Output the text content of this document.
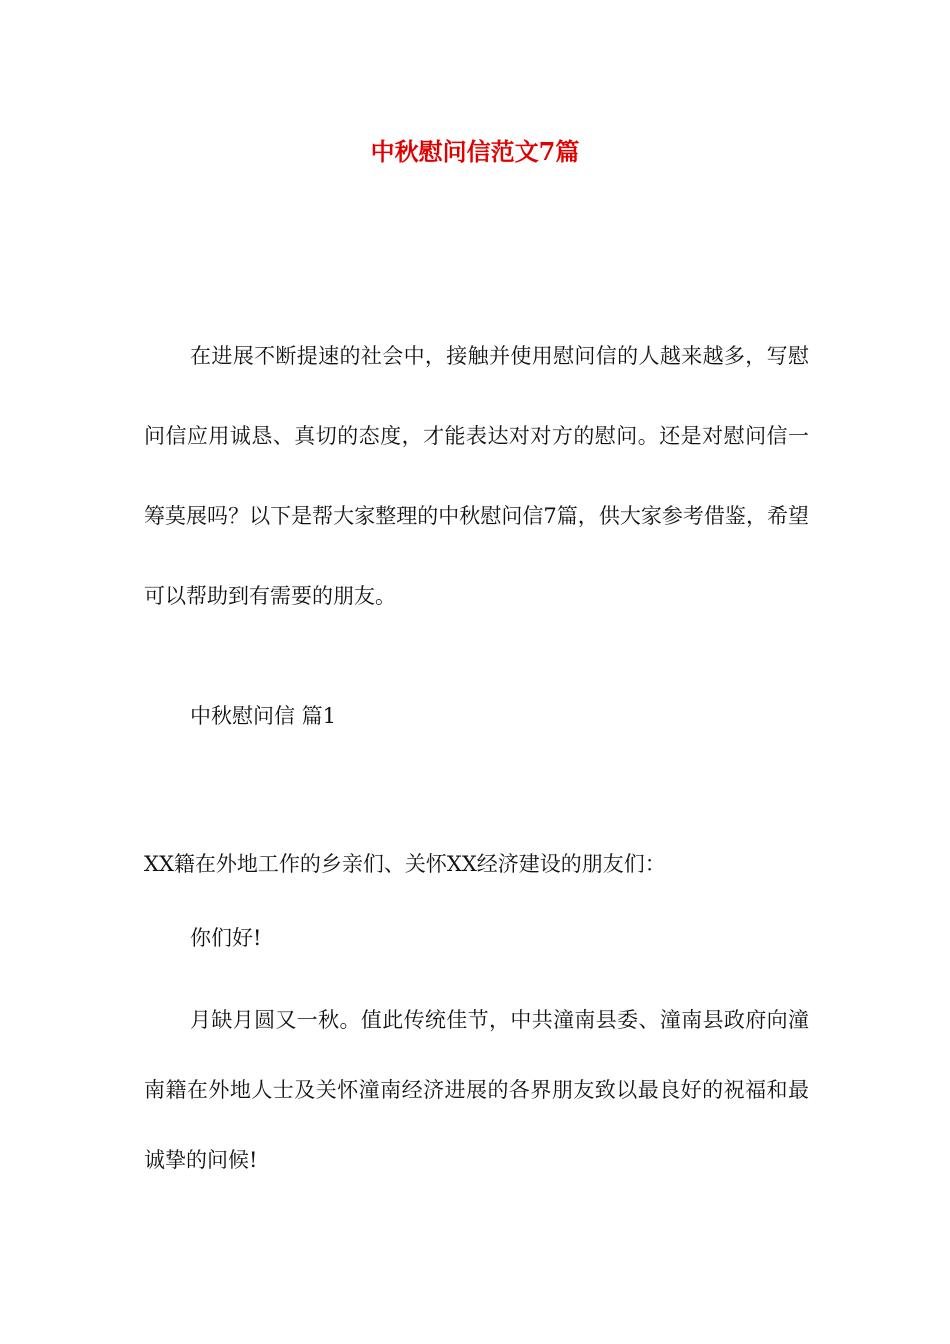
中秋慰问信范文7篇

在进展不断提速的社会中，接触并使用慰问信的人越来越多，写慰问信应用诚恳、真切的态度，才能表达对对方的慰问。还是对慰问信一筹莫展吗？以下是帮大家整理的中秋慰问信7篇，供大家参考借鉴，希望可以帮助到有需要的朋友。

中秋慰问信 篇1

XX籍在外地工作的乡亲们、关怀XX经济建设的朋友们：

你们好!

月缺月圆又一秋。值此传统佳节，中共潼南县委、潼南县政府向潼南籍在外地人士及关怀潼南经济进展的各界朋友致以最良好的祝福和最诚挚的问候!
